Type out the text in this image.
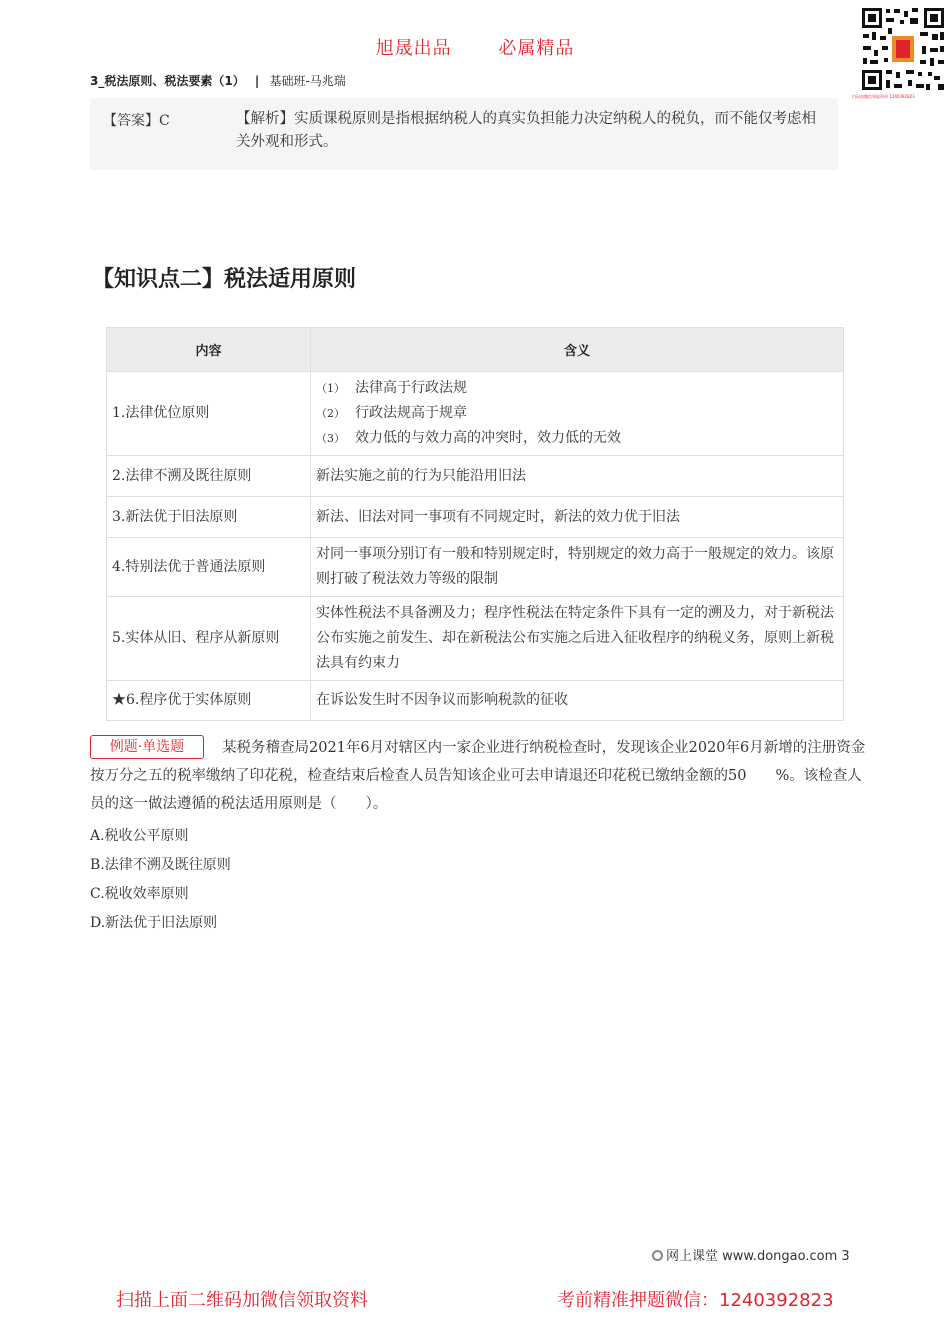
旭晟出品	必属精品
扫码加微信领取资料 1240392823
3_税法原则、税法要素（1） | 基础班-马兆瑞
【答案】C	【解析】实质课税原则是指根据纳税人的真实负担能力决定纳税人的税负，而不能仅考虑相关外观和形式。
【知识点二】税法适用原则
内容	含义
1.法律优位原则	（1） 法律高于行政法规
（2） 行政法规高于规章
（3） 效力低的与效力高的冲突时，效力低的无效

2.法律不溯及既往原则	新法实施之前的行为只能沿用旧法
3.新法优于旧法原则	新法、旧法对同一事项有不同规定时，新法的效力优于旧法
4.特别法优于普通法原则	对同一事项分别订有一般和特别规定时，特别规定的效力高于一般规定的效力。该原则打破了税法效力等级的限制
5.实体从旧、程序从新原则	实体性税法不具备溯及力；程序性税法在特定条件下具有一定的溯及力，对于新税法公布实施之前发生、却在新税法公布实施之后进入征收程序的纳税义务，原则上新税法具有约束力
★6.程序优于实体原则	在诉讼发生时不因争议而影响税款的征收
例题·单选题	某税务稽查局2021年6月对辖区内一家企业进行纳税检查时，发现该企业2020年6月新增的注册资金按万分之五的税率缴纳了印花税，检查结束后检查人员告知该企业可去申请退还印花税已缴纳金额的50　　%。该检查人员的这一做法遵循的税法适用原则是（　　）。
A.税收公平原则
B.法律不溯及既往原则
C.税收效率原则
D.新法优于旧法原则
网上课堂 www.dongao.com 3
扫描上面二维码加微信领取资料	考前精准押题微信：1240392823
